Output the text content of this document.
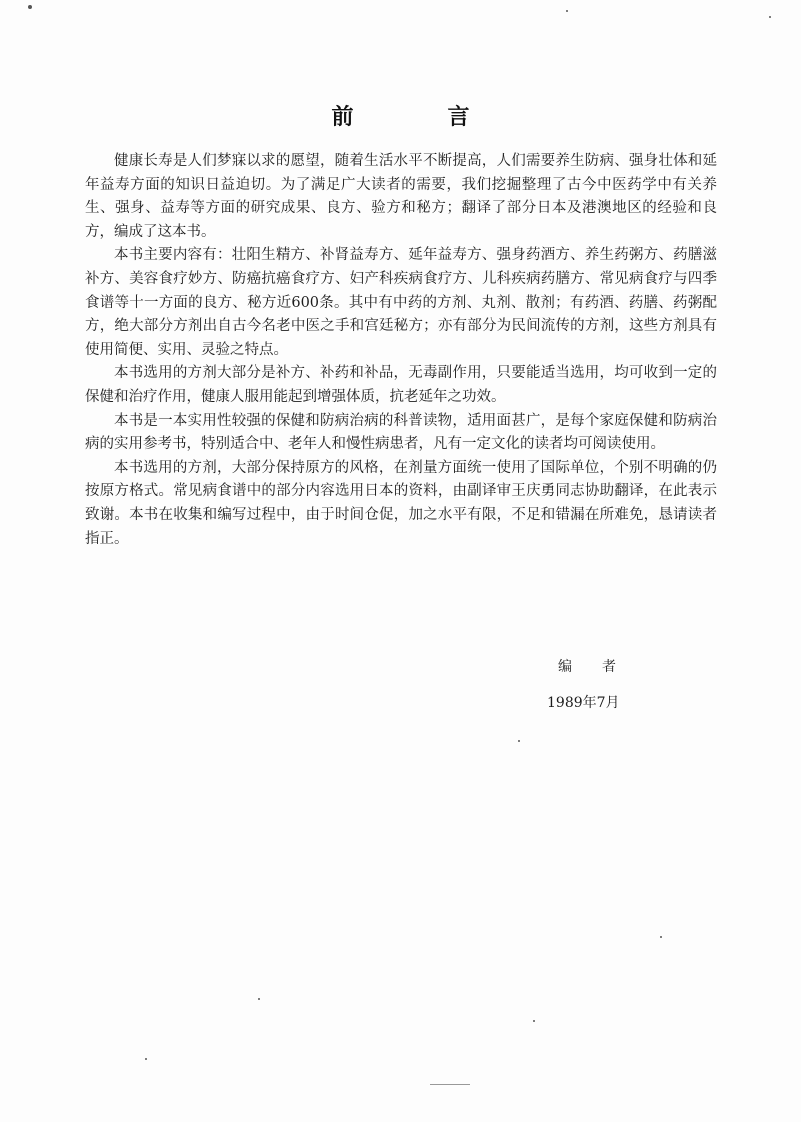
前　言

健康长寿是人们梦寐以求的愿望，随着生活水平不断提高，人们需要养生防病、强身壮体和延年益寿方面的知识日益迫切。为了满足广大读者的需要，我们挖掘整理了古今中医药学中有关养生、强身、益寿等方面的研究成果、良方、验方和秘方；翻译了部分日本及港澳地区的经验和良方，编成了这本书。

本书主要内容有：壮阳生精方、补肾益寿方、延年益寿方、强身药酒方、养生药粥方、药膳滋补方、美容食疗妙方、防癌抗癌食疗方、妇产科疾病食疗方、儿科疾病药膳方、常见病食疗与四季食谱等十一方面的良方、秘方近600条。其中有中药的方剂、丸剂、散剂；有药酒、药膳、药粥配方，绝大部分方剂出自古今名老中医之手和宫廷秘方；亦有部分为民间流传的方剂，这些方剂具有使用简便、实用、灵验之特点。

本书选用的方剂大部分是补方、补药和补品，无毒副作用，只要能适当选用，均可收到一定的保健和治疗作用，健康人服用能起到增强体质，抗老延年之功效。

本书是一本实用性较强的保健和防病治病的科普读物，适用面甚广，是每个家庭保健和防病治病的实用参考书，特别适合中、老年人和慢性病患者，凡有一定文化的读者均可阅读使用。

本书选用的方剂，大部分保持原方的风格，在剂量方面统一使用了国际单位，个别不明确的仍按原方格式。常见病食谱中的部分内容选用日本的资料，由副译审王庆勇同志协助翻译，在此表示致谢。本书在收集和编写过程中，由于时间仓促，加之水平有限，不足和错漏在所难免，恳请读者指正。

编者
1989年7月
